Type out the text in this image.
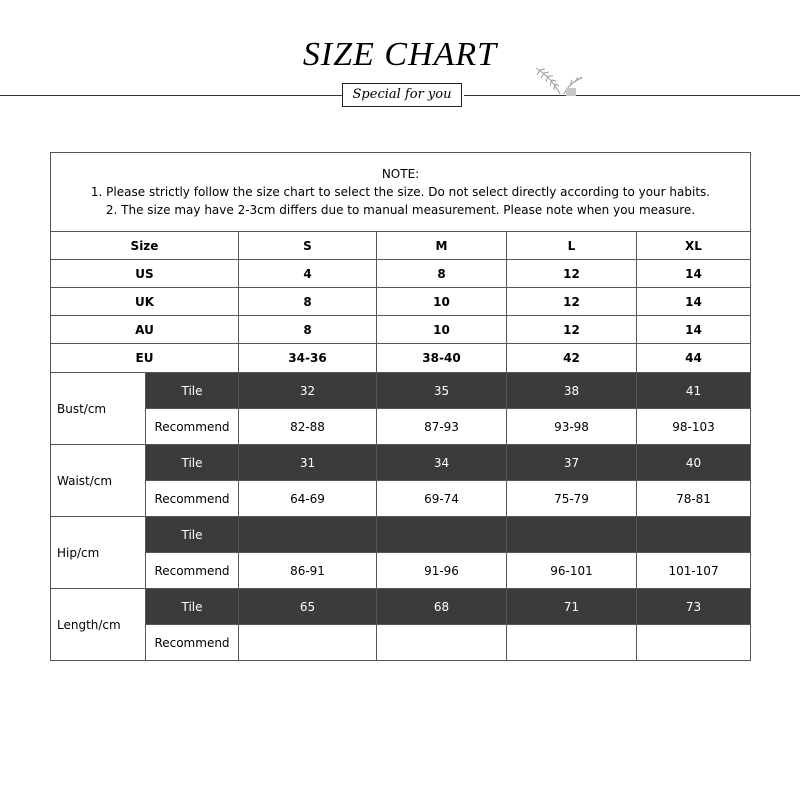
SIZE CHART
Special for you
NOTE:
1. Please strictly follow the size chart to select the size. Do not select directly according to your habits.
2. The size may have 2-3cm differs due to manual measurement. Please note when you measure.					

Size		S	M	L	XL
US		4	8	12	14
UK		8	10	12	14
AU		8	10	12	14
EU		34-36	38-40	42	44
Bust/cm	Tile	32	35	38	41
	Recommend	82-88	87-93	93-98	98-103
Waist/cm	Tile	31	34	37	40
	Recommend	64-69	69-74	75-79	78-81
Hip/cm	Tile				
	Recommend	86-91	91-96	96-101	101-107
Length/cm	Tile	65	68	71	73
	Recommend				
